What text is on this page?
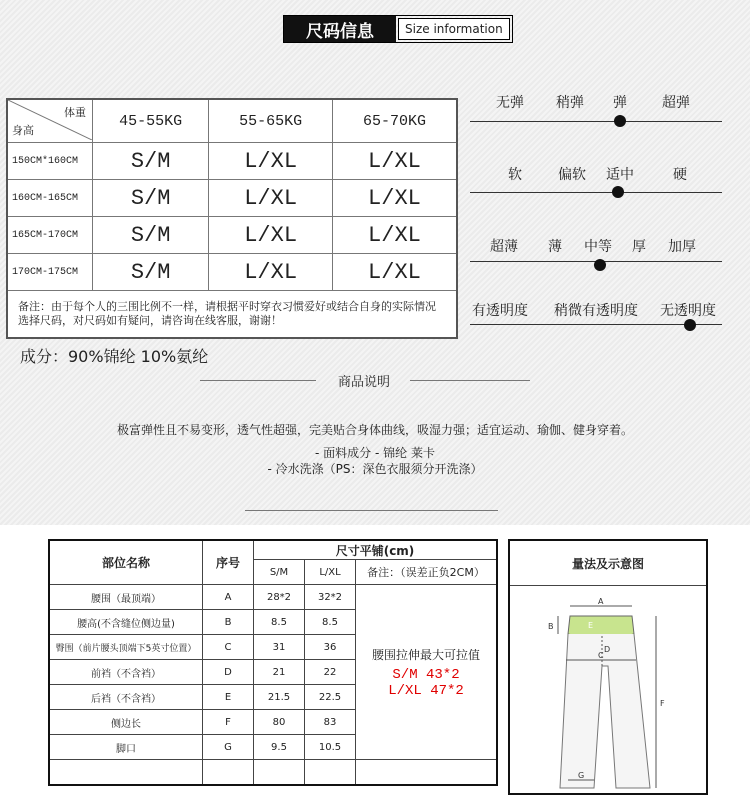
尺码信息	Size information
体重
身高	45-55KG	55-65KG	65-70KG
150CM*160CM	S/M	L/XL	L/XL
160CM-165CM	S/M	L/XL	L/XL
165CM-170CM	S/M	L/XL	L/XL
170CM-175CM	S/M	L/XL	L/XL
备注：由于每个人的三围比例不一样，请根据平时穿衣习惯爱好或结合自身的实际情况选择尺码，对尺码如有疑问，请咨询在线客服，谢谢！			
无弹 稍弹 弹	超弹
软	偏软 适中	硬
超薄 薄 中等 厚 加厚
有透明度 稍微有透明度 无透明度
成分：90%锦纶 10%氨纶
商品说明
极富弹性且不易变形，透气性超强，完美贴合身体曲线，吸湿力强；适宜运动、瑜伽、健身穿着。
- 面料成分 - 锦纶 莱卡
- 冷水洗涤（PS：深色衣服须分开洗涤）
部位名称	序号	尺寸平铺(cm)		
		S/M	L/XL	备注：（误差正负2CM）
腰围（最顶端）	A	28*2	32*2	腰围拉伸最大可拉值
S/M 43*2
L/XL 47*2

腰高(不含缝位侧边量)	B	8.5	8.5	
臀围（前片腰头顶端下5英寸位置）	C	31	36	
前裆（不含裆）	D	21	22	
后裆（不含裆）	E	21.5	22.5	
侧边长	F	80	83	
脚口	G	9.5	10.5	

量法及示意图
A
B
C
D
E
F
G
